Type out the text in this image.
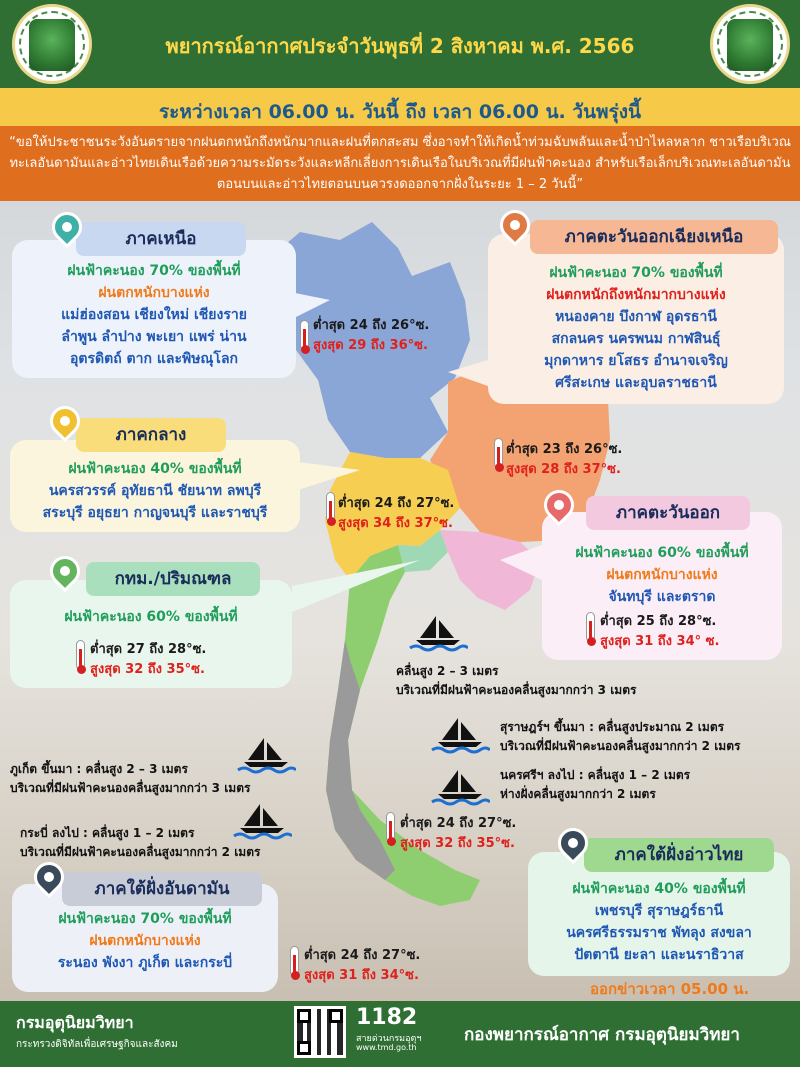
พยากรณ์อากาศประจำวันพุธที่ 2 สิงหาคม พ.ศ. 2566
ระหว่างเวลา 06.00 น. วันนี้ ถึง เวลา 06.00 น. วันพรุ่งนี้
“ขอให้ประชาชนระวังอันตรายจากฝนตกหนักถึงหนักมากและฝนที่ตกสะสม ซึ่งอาจทำให้เกิดน้ำท่วมฉับพลันและน้ำป่าไหลหลาก ชาวเรือบริเวณทะเลอันดามันและอ่าวไทยเดินเรือด้วยความระมัดระวังและหลีกเลี่ยงการเดินเรือในบริเวณที่มีฝนฟ้าคะนอง สำหรับเรือเล็กบริเวณทะเลอันดามันตอนบนและอ่าวไทยตอนบนควรงดออกจากฝั่งในระยะ 1 – 2 วันนี้”
ฝนฟ้าคะนอง 70% ของพื้นที่
ฝนตกหนักบางแห่ง
แม่ฮ่องสอน เชียงใหม่ เชียงราย
ลำพูน ลำปาง พะเยา แพร่ น่าน
อุตรดิตถ์ ตาก และพิษณุโลก
ภาคเหนือ
ต่ำสุด 24 ถึง 26°ซ.
สูงสุด 29 ถึง 36°ซ.
ฝนฟ้าคะนอง 70% ของพื้นที่
ฝนตกหนักถึงหนักมากบางแห่ง
หนองคาย บึงกาฬ อุดรธานี
สกลนคร นครพนม กาฬสินธุ์
มุกดาหาร ยโสธร อำนาจเจริญ
ศรีสะเกษ และอุบลราชธานี
ภาคตะวันออกเฉียงเหนือ
ต่ำสุด 23 ถึง 26°ซ.
สูงสุด 28 ถึง 37°ซ.
ฝนฟ้าคะนอง 40% ของพื้นที่
นครสวรรค์ อุทัยธานี ชัยนาท ลพบุรี
สระบุรี อยุธยา กาญจนบุรี และราชบุรี
ภาคกลาง
ต่ำสุด 24 ถึง 27°ซ.
สูงสุด 34 ถึง 37°ซ.
ฝนฟ้าคะนอง 60% ของพื้นที่
ฝนตกหนักบางแห่ง
จันทบุรี และตราด
ภาคตะวันออก
ต่ำสุด 25 ถึง 28°ซ.
สูงสุด 31 ถึง 34° ซ.
ฝนฟ้าคะนอง 60% ของพื้นที่
กทม./ปริมณฑล
ต่ำสุด 27 ถึง 28°ซ.
สูงสุด 32 ถึง 35°ซ.	คลื่นสูง 2 – 3 เมตร
บริเวณที่มีฝนฟ้าคะนองคลื่นสูงมากกว่า 3 เมตร
สุราษฎร์ฯ ขึ้นมา : คลื่นสูงประมาณ 2 เมตร
บริเวณที่มีฝนฟ้าคะนองคลื่นสูงมากกว่า 2 เมตร
นครศรีฯ ลงไป : คลื่นสูง 1 – 2 เมตร
ห่างฝั่งคลื่นสูงมากกว่า 2 เมตร
ภูเก็ต ขึ้นมา : คลื่นสูง 2 – 3 เมตร
บริเวณที่มีฝนฟ้าคะนองคลื่นสูงมากกว่า 3 เมตร
กระบี่ ลงไป : คลื่นสูง 1 – 2 เมตร
บริเวณที่มีฝนฟ้าคะนองคลื่นสูงมากกว่า 2 เมตร
ต่ำสุด 24 ถึง 27°ซ.
สูงสุด 32 ถึง 35°ซ.
ฝนฟ้าคะนอง 40% ของพื้นที่
เพชรบุรี สุราษฎร์ธานี
นครศรีธรรมราช พัทลุง สงขลา
ปัตตานี ยะลา และนราธิวาส
ภาคใต้ฝั่งอ่าวไทย
ฝนฟ้าคะนอง 70% ของพื้นที่
ฝนตกหนักบางแห่ง
ระนอง พังงา ภูเก็ต และกระบี่
ภาคใต้ฝั่งอันดามัน
ต่ำสุด 24 ถึง 27°ซ.
สูงสุด 31 ถึง 34°ซ.
ออกข่าวเวลา 05.00 น.
กรมอุตุนิยมวิทยา
กระทรวงดิจิทัลเพื่อเศรษฐกิจและสังคม
1182
สายด่วนกรมอุตุฯ
www.tmd.go.th
กองพยากรณ์อากาศ กรมอุตุนิยมวิทยา
